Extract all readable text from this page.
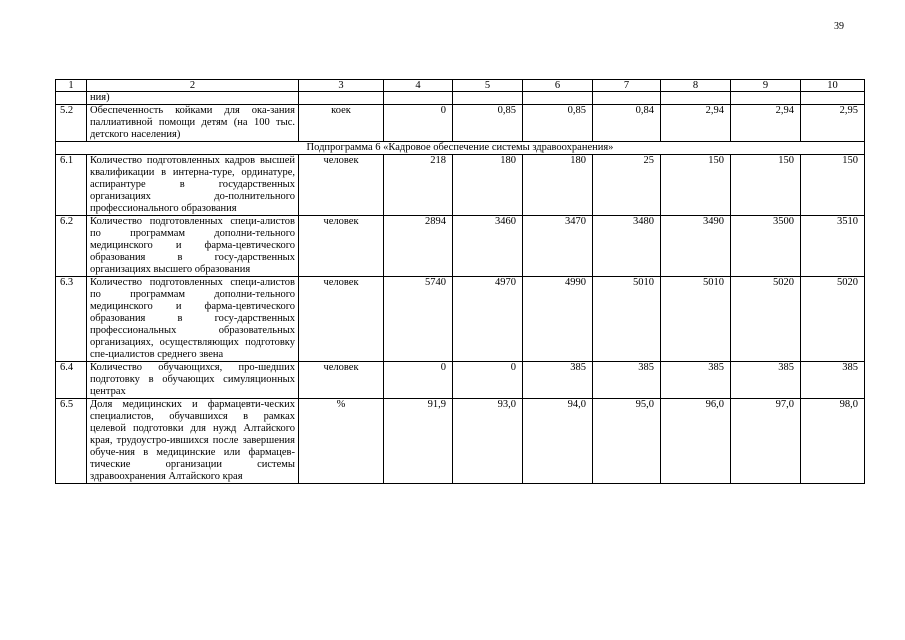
39
1	2	3	4	5	6	7	8	9	10
	ния)								
5.2	Обеспеченность койками для ока-зания паллиативной помощи детям (на 100 тыс. детского населения)	коек	0	0,85	0,85	0,84	2,94	2,94	2,95
Подпрограмма 6 «Кадровое обеспечение системы здравоохранения»									
6.1	Количество подготовленных кадров высшей квалификации в интерна-туре, ординатуре, аспирантуре в государственных организациях до-полнительного профессионального образования	человек	218	180	180	25	150	150	150
6.2	Количество подготовленных специ-алистов по программам дополни-тельного медицинского и фарма-цевтического образования в госу-дарственных организациях высшего образования	человек	2894	3460	3470	3480	3490	3500	3510
6.3	Количество подготовленных специ-алистов по программам дополни-тельного медицинского и фарма-цевтического образования в госу-дарственных профессиональных образовательных организациях, осуществляющих подготовку спе-циалистов среднего звена	человек	5740	4970	4990	5010	5010	5020	5020
6.4	Количество обучающихся, про-шедших подготовку в обучающих симуляционных центрах	человек	0	0	385	385	385	385	385
6.5	Доля медицинских и фармацевти-ческих специалистов, обучавшихся в рамках целевой подготовки для нужд Алтайского края, трудоустро-ившихся после завершения обуче-ния в медицинские или фармацев-тические организации системы здравоохранения Алтайского края	%	91,9	93,0	94,0	95,0	96,0	97,0	98,0
